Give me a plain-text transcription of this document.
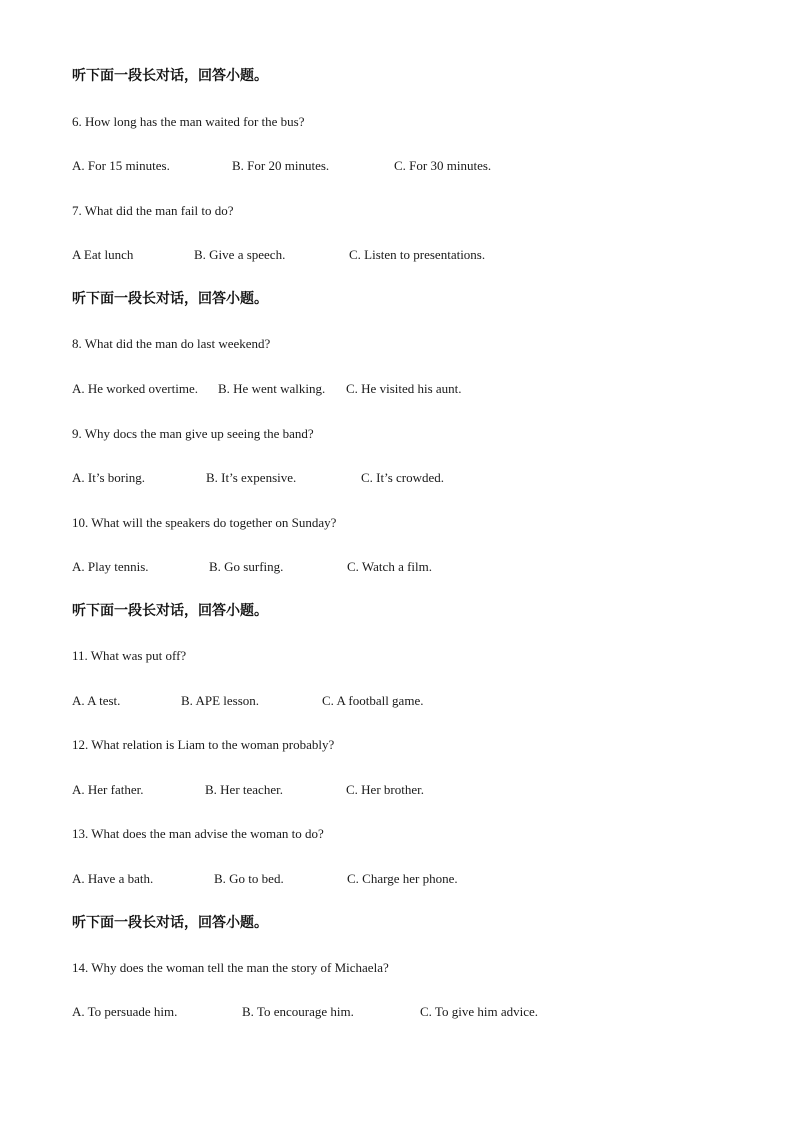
听下面一段长对话，回答小题。
6. How long has the man waited for the bus?
A. For 15 minutes.	B. For 20 minutes.	C. For 30 minutes.
7. What did the man fail to do?
A Eat lunch	B. Give a speech.	C. Listen to presentations.
听下面一段长对话，回答小题。
8. What did the man do last weekend?
A. He worked overtime. B. He went walking. C. He visited his aunt.
9. Why docs the man give up seeing the band?
A. It’s boring.	B. It’s expensive.	C. It’s crowded.
10. What will the speakers do together on Sunday?
A. Play tennis.	B. Go surfing.	C. Watch a film.
听下面一段长对话，回答小题。
11. What was put off?
A. A test.	B. APE lesson.	C. A football game.
12. What relation is Liam to the woman probably?
A. Her father.	B. Her teacher.	C. Her brother.
13. What does the man advise the woman to do?
A. Have a bath.	B. Go to bed.	C. Charge her phone.
听下面一段长对话，回答小题。
14. Why does the woman tell the man the story of Michaela?
A. To persuade him.	B. To encourage him.	C. To give him advice.
